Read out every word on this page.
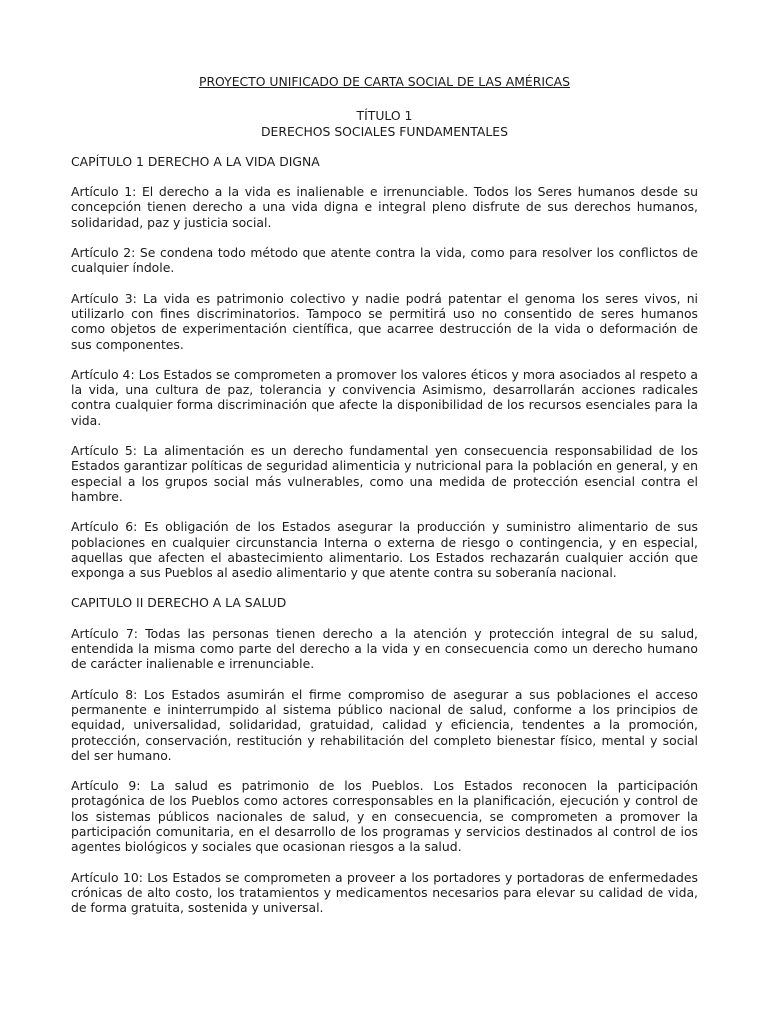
PROYECTO UNIFICADO DE CARTA SOCIAL DE LAS AMÉRICAS
TÍTULO 1
DERECHOS SOCIALES FUNDAMENTALES
CAPÍTULO 1 DERECHO A LA VIDA DIGNA

Artículo 1: El derecho a la vida es inalienable e irrenunciable. Todos los Seres humanos desde su concepción tienen derecho a una vida digna e integral pleno disfrute de sus derechos humanos, solidaridad, paz y justicia social.

Artículo 2: Se condena todo método que atente contra la vida, como para resolver los conflictos de cualquier índole.

Artículo 3: La vida es patrimonio colectivo y nadie podrá patentar el genoma los seres vivos, ni utilizarlo con fines discriminatorios. Tampoco se permitirá uso no consentido de seres humanos como objetos de experimentación científica, que acarree destrucción de la vida o deformación de sus componentes.

Artículo 4: Los Estados se comprometen a promover los valores éticos y mora asociados al respeto a la vida, una cultura de paz, tolerancia y convivencia Asimismo, desarrollarán acciones radicales contra cualquier forma discriminación que afecte la disponibilidad de los recursos esenciales para la vida.

Artículo 5: La alimentación es un derecho fundamental yen consecuencia responsabilidad de los Estados garantizar políticas de seguridad alimenticia y nutricional para la población en general, y en especial a los grupos social más vulnerables, como una medida de protección esencial contra el hambre.

Artículo 6: Es obligación de los Estados asegurar la producción y suministro alimentario de sus poblaciones en cualquier circunstancia Interna o externa de riesgo o contingencia, y en especial, aquellas que afecten el abastecimiento alimentario. Los Estados rechazarán cualquier acción que exponga a sus Pueblos al asedio alimentario y que atente contra su soberanía nacional.

CAPITULO II DERECHO A LA SALUD

Artículo 7: Todas las personas tienen derecho a la atención y protección integral de su salud, entendida la misma como parte del derecho a la vida y en consecuencia como un derecho humano de carácter inalienable e irrenunciable.

Artículo 8: Los Estados asumirán el firme compromiso de asegurar a sus poblaciones el acceso permanente e ininterrumpido al sistema público nacional de salud, conforme a los principios de equidad, universalidad, solidaridad, gratuidad, calidad y eficiencia, tendentes a la promoción, protección, conservación, restitución y rehabilitación del completo bienestar físico, mental y social del ser humano.

Artículo 9: La salud es patrimonio de los Pueblos. Los Estados reconocen la participación protagónica de los Pueblos como actores corresponsables en la planificación, ejecución y control de los sistemas públicos nacionales de salud, y en consecuencia, se comprometen a promover la participación comunitaria, en el desarrollo de los programas y servicios destinados al control de ios agentes biológicos y sociales que ocasionan riesgos a la salud.

Artículo 10: Los Estados se comprometen a proveer a los portadores y portadoras de enfermedades crónicas de alto costo, los tratamientos y medicamentos necesarios para elevar su calidad de vida, de forma gratuita, sostenida y universal.
